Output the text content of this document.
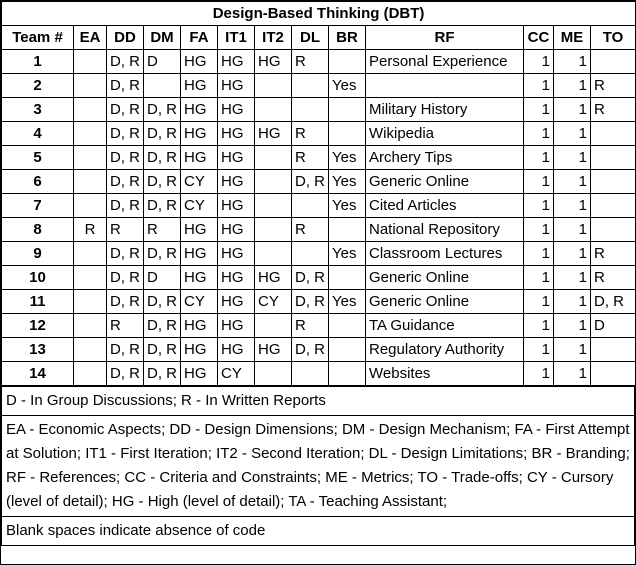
Design-Based Thinking (DBT)												
Team #	EA	DD	DM	FA	IT1	IT2	DL	BR	RF	CC	ME	TO
1		D, R	D	HG	HG	HG	R		Personal Experience	1	1	
2		D, R		HG	HG			Yes		1	1	R
3		D, R	D, R	HG	HG				Military History	1	1	R
4		D, R	D, R	HG	HG	HG	R		Wikipedia	1	1	
5		D, R	D, R	HG	HG		R	Yes	Archery Tips	1	1	
6		D, R	D, R	CY	HG		D, R	Yes	Generic Online	1	1	
7		D, R	D, R	CY	HG			Yes	Cited Articles	1	1	
8	R	R	R	HG	HG		R		National Repository	1	1	
9		D, R	D, R	HG	HG			Yes	Classroom Lectures	1	1	R
10		D, R	D	HG	HG	HG	D, R		Generic Online	1	1	R
11		D, R	D, R	CY	HG	CY	D, R	Yes	Generic Online	1	1	D, R
12		R	D, R	HG	HG		R		TA Guidance	1	1	D
13		D, R	D, R	HG	HG	HG	D, R		Regulatory Authority	1	1	
14		D, R	D, R	HG	CY				Websites	1	1	
D - In Group Discussions; R - In Written Reports
EA - Economic Aspects; DD - Design Dimensions; DM - Design Mechanism; FA - First Attempt at Solution; IT1 - First Iteration; IT2 - Second Iteration; DL - Design Limitations; BR - Branding; RF - References; CC - Criteria and Constraints; ME - Metrics; TO - Trade-offs; CY - Cursory (level of detail); HG - High (level of detail); TA - Teaching Assistant;
Blank spaces indicate absence of code
